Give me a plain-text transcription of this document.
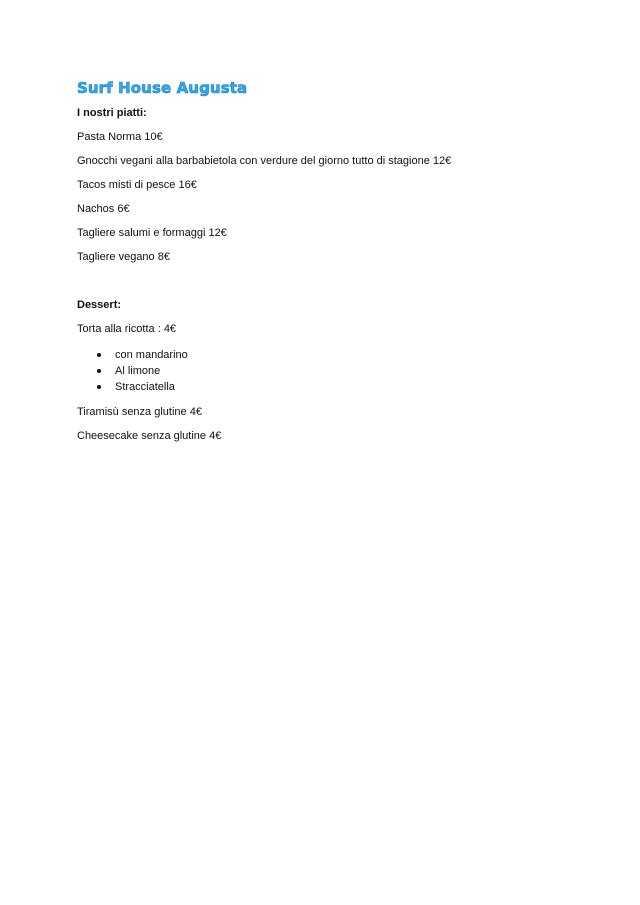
Surf House Augusta

I nostri piatti:

Pasta Norma 10€

Gnocchi vegani alla barbabietola con verdure del giorno tutto di stagione 12€

Tacos misti di pesce 16€

Nachos 6€

Tagliere salumi e formaggi 12€

Tagliere vegano 8€

Dessert:

Torta alla ricotta : 4€

con mandarino
Al limone
Stracciatella

Tiramisù senza glutine 4€

Cheesecake senza glutine 4€
